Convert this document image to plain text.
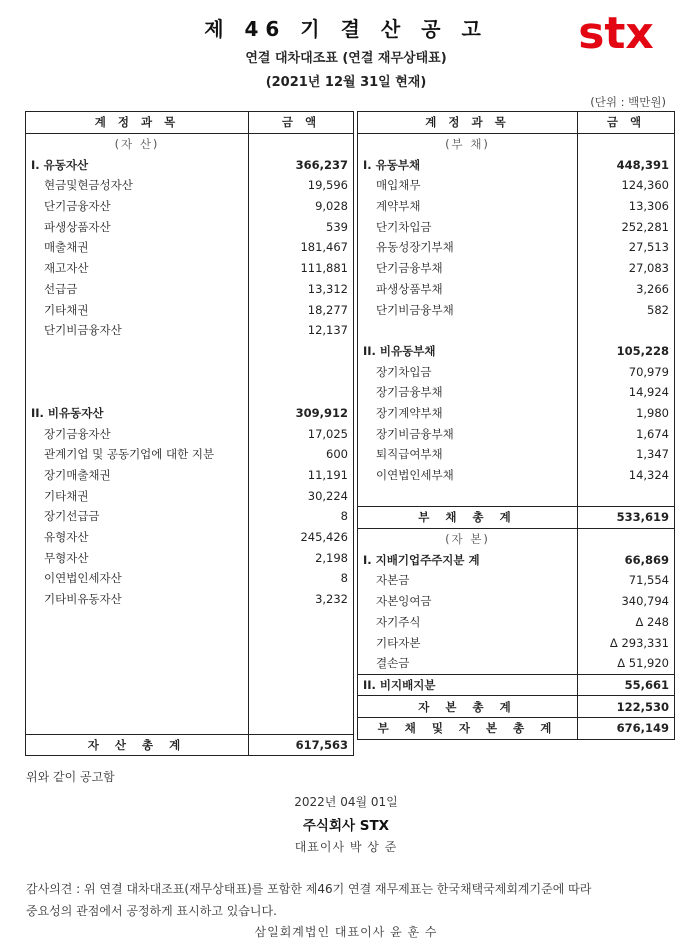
제 46 기 결 산 공 고
연결 대차대조표 (연결 재무상태표)
(2021년 12월 31일 현재)
stx
(단위 : 백만원)
계 정 과 목	금 액
(자 산)	
I. 유동자산	366,237
현금및현금성자산	19,596
단기금융자산	9,028
파생상품자산	539
매출채권	181,467
재고자산	111,881
선급금	13,312
기타채권	18,277
단기비금융자산	12,137

II. 비유동자산	309,912
장기금융자산	17,025
관계기업 및 공동기업에 대한 지분	600
장기매출채권	11,191
기타채권	30,224
장기선급금	8
유형자산	245,426
무형자산	2,198
이연법인세자산	8
기타비유동자산	3,232

자 산 총 계	617,563
계 정 과 목	금 액
(부 채)	
I. 유동부채	448,391
매입채무	124,360
계약부채	13,306
단기차입금	252,281
유동성장기부채	27,513
단기금융부채	27,083
파생상품부채	3,266
단기비금융부채	582

II. 비유동부채	105,228
장기차입금	70,979
장기금융부채	14,924
장기계약부채	1,980
장기비금융부채	1,674
퇴직급여부채	1,347
이연법인세부채	14,324

부 채 총 계	533,619
(자 본)	
I. 지배기업주주지분 계	66,869
자본금	71,554
자본잉여금	340,794
자기주식	Δ 248
기타자본	Δ 293,331
결손금	Δ 51,920
II. 비지배지분	55,661
자 본 총 계	122,530
부 채 및 자 본 총 계	676,149
위와 같이 공고함
2022년 04월 01일
주식회사 STX
대표이사 박 상 준
감사의견 : 위 연결 대차대조표(재무상태표)를 포함한 제46기 연결 재무제표는 한국채택국제회계기준에 따라
중요성의 관점에서 공정하게 표시하고 있습니다.
삼일회계법인 대표이사 윤 훈 수
